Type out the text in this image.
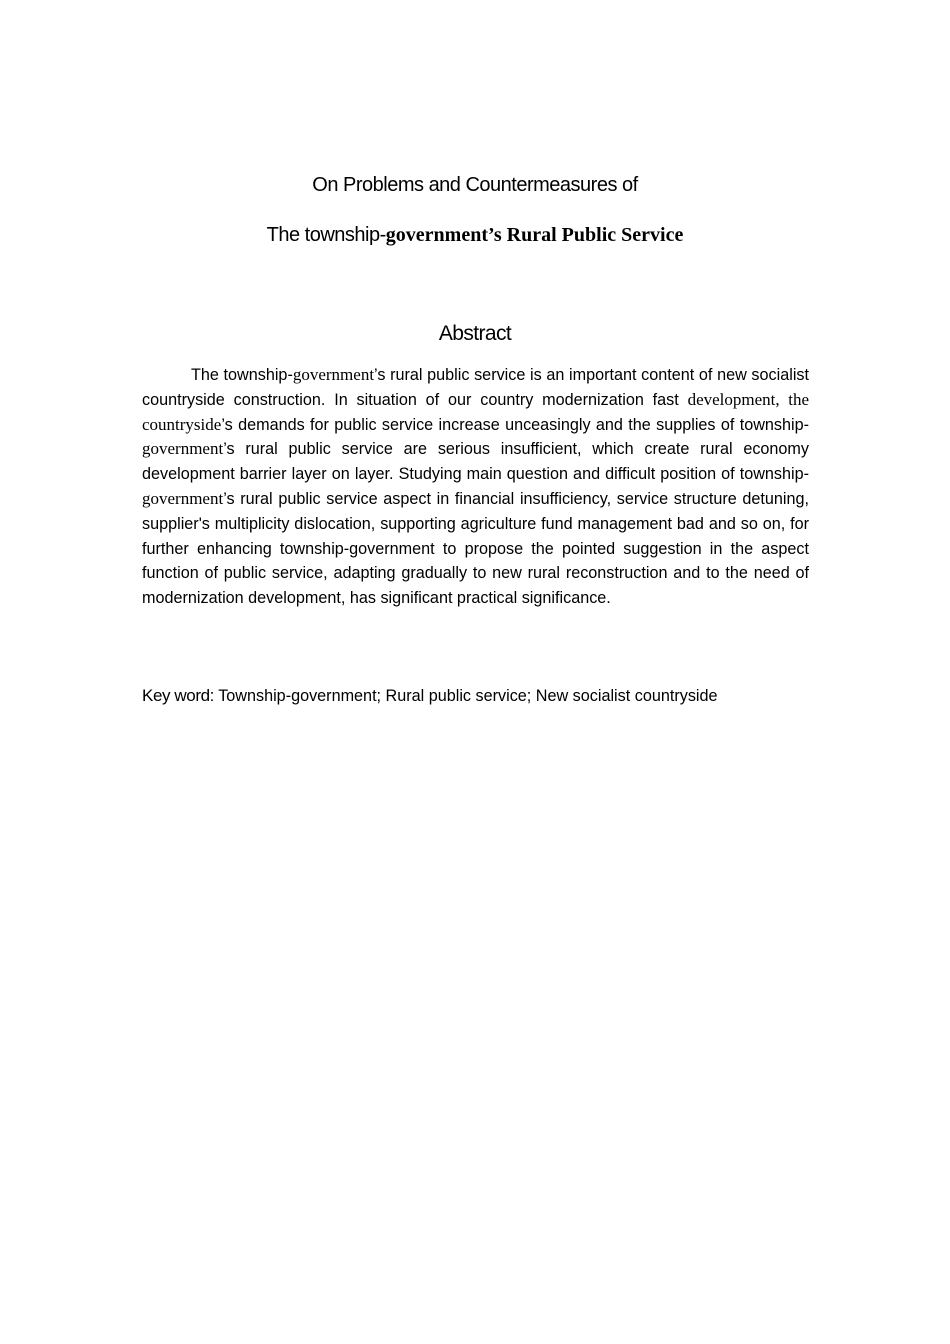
On Problems and Countermeasures of
The township-government’s Rural Public Service
Abstract

The township-government’s rural public service is an important content of new socialist countryside construction. In situation of our country modernization fast development, the countryside’s demands for public service increase unceasingly and the supplies of township-government’s rural public service are serious insufficient, which create rural economy development barrier layer on layer. Studying main question and difficult position of township-government’s rural public service aspect in financial insufficiency, service structure detuning, supplier's multiplicity dislocation, supporting agriculture fund management bad and so on, for further enhancing township-government to propose the pointed suggestion in the aspect function of public service, adapting gradually to new rural reconstruction and to the need of modernization development, has significant practical significance.

Key word: Township-government; Rural public service; New socialist countryside
